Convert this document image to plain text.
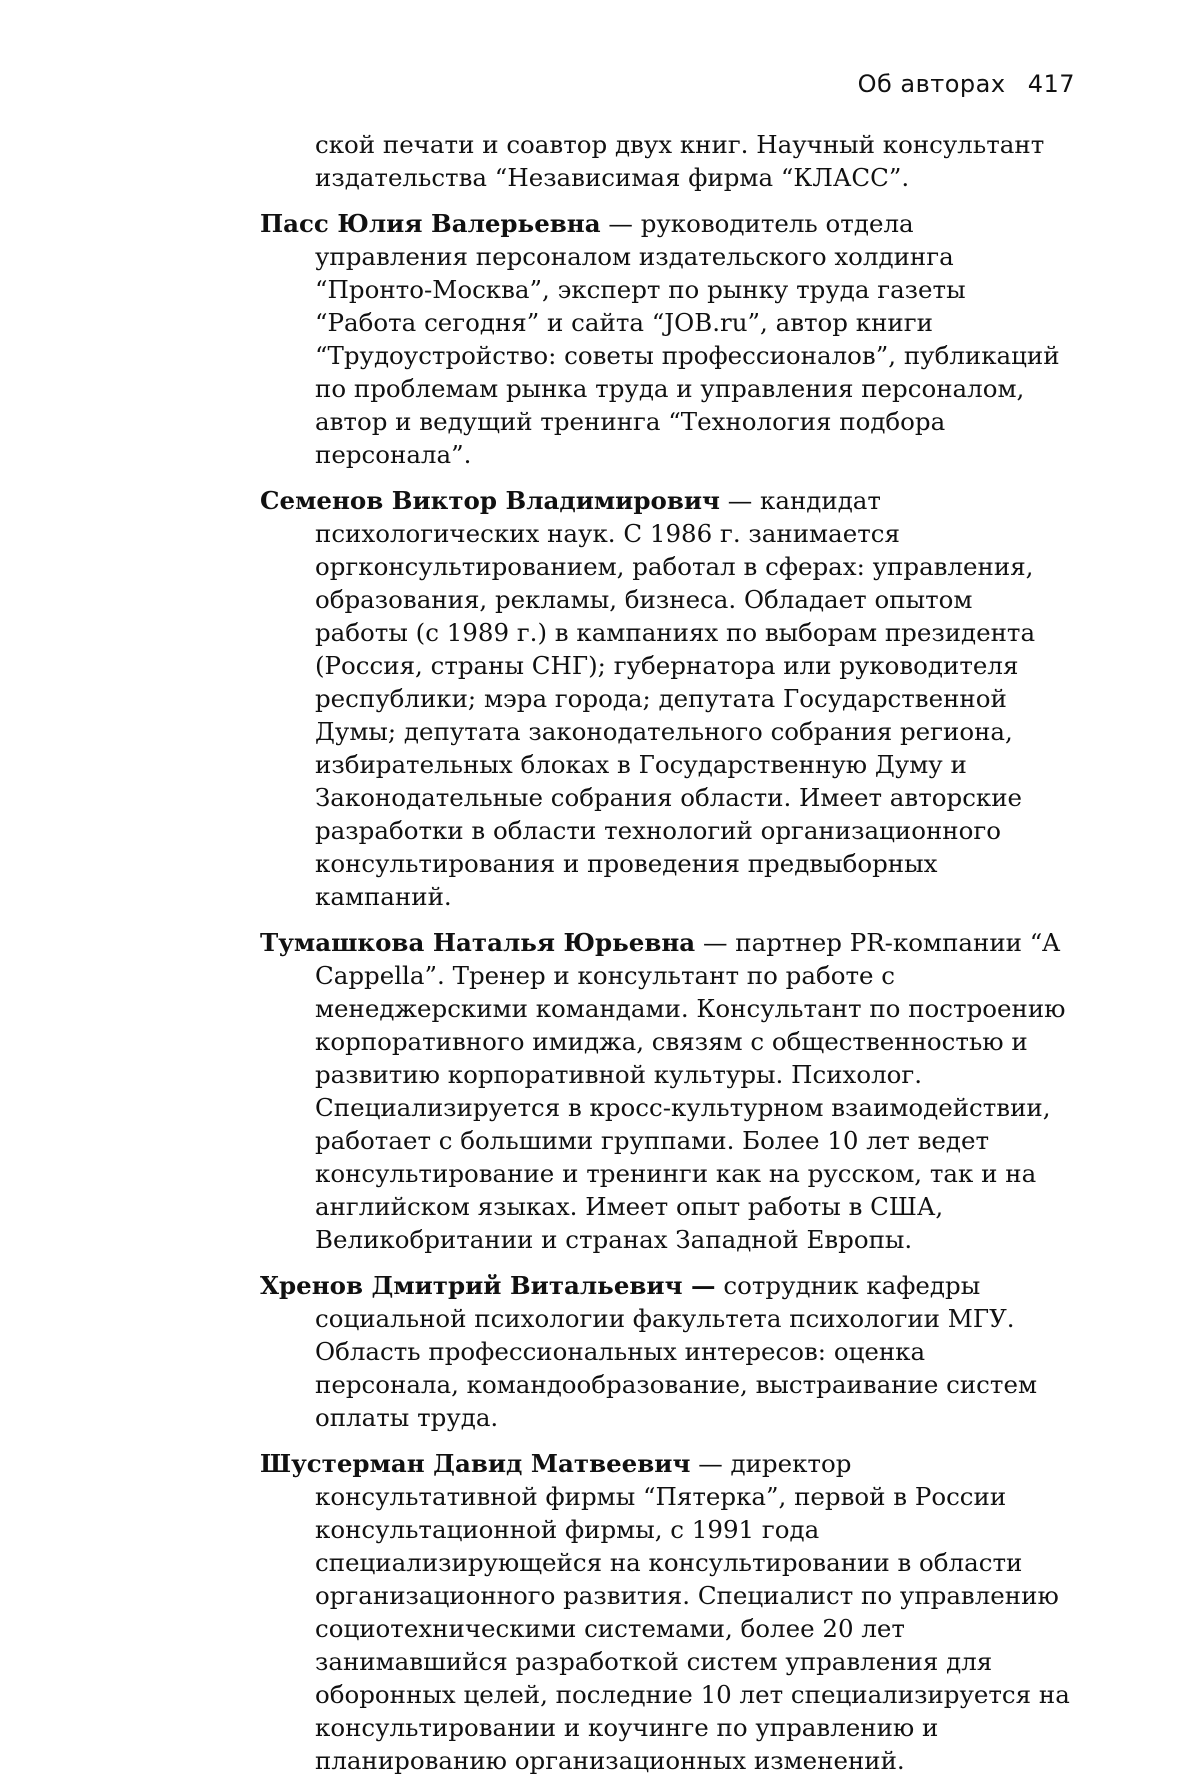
Об авторах 417

ской печати и соавтор двух книг. Научный консультант издательства “Независимая фирма “КЛАСС”.

Пасс Юлия Валерьевна — руководитель отдела управления персоналом издательского холдинга “Пронто-Москва”, эксперт по рынку труда газеты “Работа сегодня” и сайта “JOB.ru”, автор книги “Трудоустройство: советы профессионалов”, публикаций по проблемам рынка труда и управления персоналом, автор и ведущий тренинга “Технология подбора персонала”.

Семенов Виктор Владимирович — кандидат психологических наук. С 1986 г. занимается оргконсультированием, работал в сферах: управления, образования, рекламы, бизнеса. Обладает опытом работы (с 1989 г.) в кампаниях по выборам президента (Россия, страны СНГ); губернатора или руководителя республики; мэра города; депутата Государственной Думы; депутата законодательного собрания региона, избирательных блоках в Государственную Думу и Законодательные собрания области. Имеет авторские разработки в области технологий организационного консультирования и проведения предвыборных кампаний.

Тумашкова Наталья Юрьевна — партнер PR-компании “A Cappella”. Тренер и консультант по работе с менеджерскими командами. Консультант по построению корпоративного имиджа, связям с общественностью и развитию корпоративной культуры. Психолог. Специализируется в кросс-культурном взаимодействии, работает с большими группами. Более 10 лет ведет консультирование и тренинги как на русском, так и на английском языках. Имеет опыт работы в США, Великобритании и странах Западной Европы.

Хренов Дмитрий Витальевич — сотрудник кафедры социальной психологии факультета психологии МГУ. Область профессиональных интересов: оценка персонала, командообразование, выстраивание систем оплаты труда.

Шустерман Давид Матвеевич — директор консультативной фирмы “Пятерка”, первой в России консультационной фирмы, с 1991 года специализирующейся на консультировании в области организационного развития. Специалист по управлению социотехническими системами, более 20 лет занимавшийся разработкой систем управления для оборонных целей, последние 10 лет специализируется на консультировании и коучинге по управлению и планированию организационных изменений.
